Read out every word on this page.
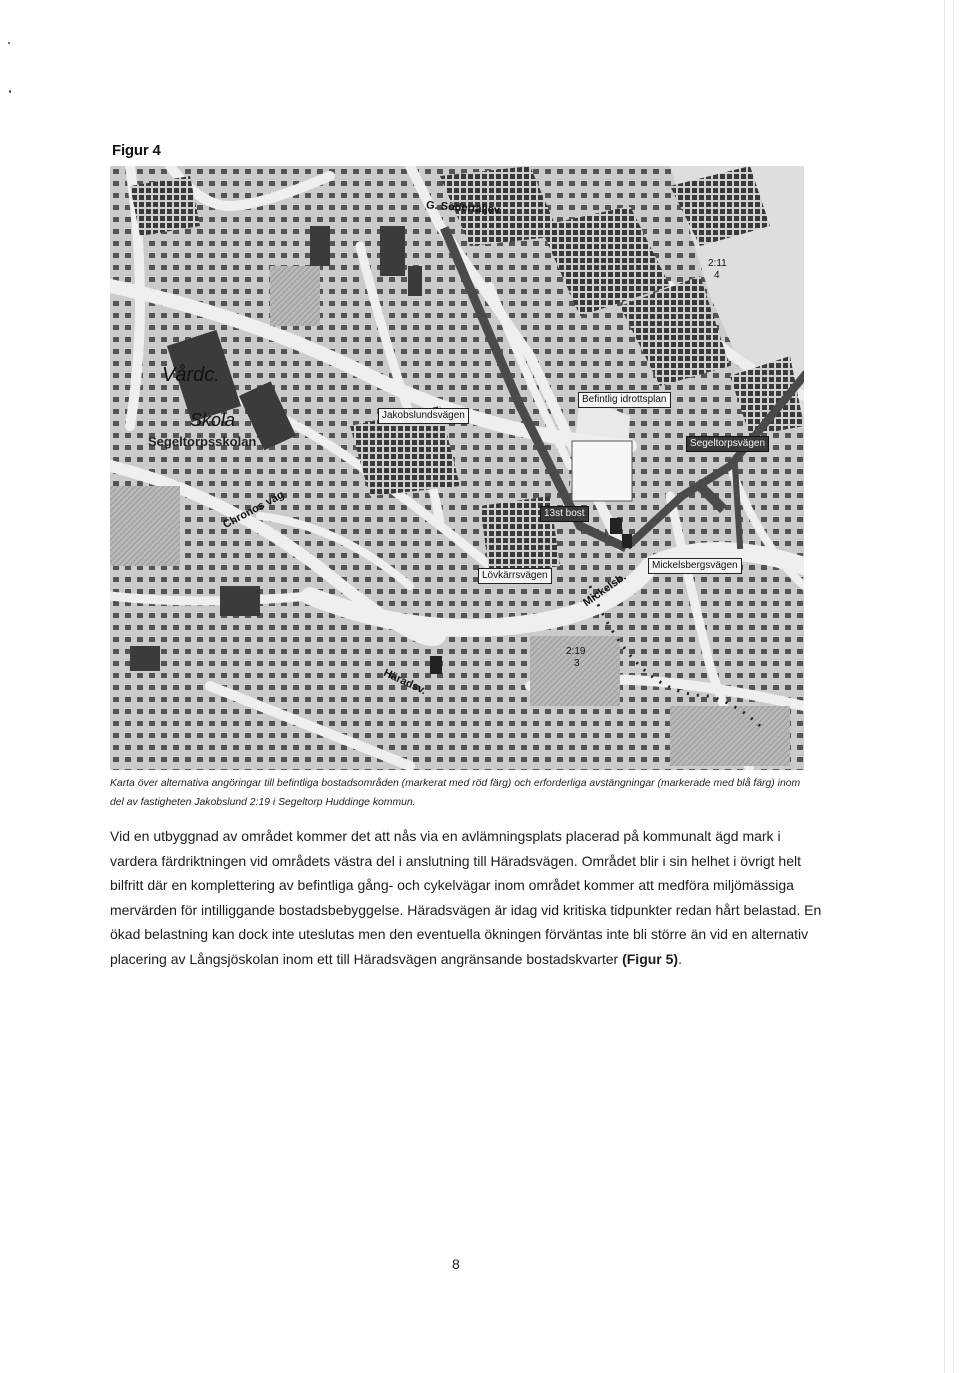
Figur 4
G. Södertäljev.
Vårdc.
Skola
Segeltorpsskolan
Jakobslundsvägen
Befintlig idrottsplan
Segeltorpsvägen
13st bost
Lövkärrsvägen
Mickelsbergsvägen
2:19
3
2:11
4
Chronos väg
Mickelsb.
Häradsv.

Karta över alternativa angöringar till befintliga bostadsområden (markerat med röd färg) och erforderliga avstängningar (markerade med blå färg) inom del av fastigheten Jakobslund 2:19 i Segeltorp Huddinge kommun.

Vid en utbyggnad av området kommer det att nås via en avlämningsplats placerad på kommunalt ägd mark i vardera färdriktningen vid områdets västra del i anslutning till Häradsvägen. Området blir i sin helhet i övrigt helt bilfritt där en komplettering av befintliga gång- och cykelvägar inom området kommer att medföra miljömässiga mervärden för intilliggande bostadsbebyggelse. Häradsvägen är idag vid kritiska tidpunkter redan hårt belastad. En ökad belastning kan dock inte uteslutas men den eventuella ökningen förväntas inte bli större än vid en alternativ placering av Långsjöskolan inom ett till Häradsvägen angränsande bostadskvarter (Figur 5).

8
